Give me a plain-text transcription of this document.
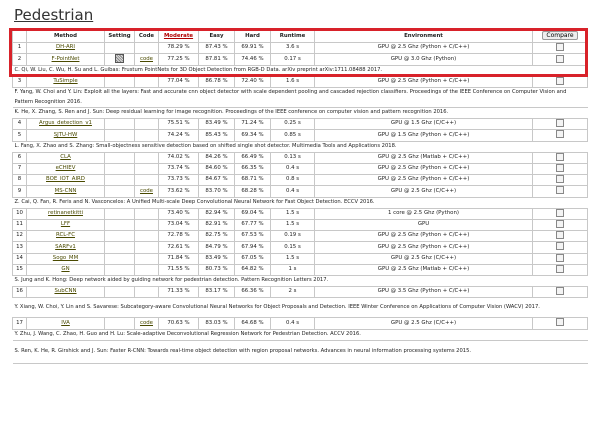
Pedestrian
	Method	Setting	Code	Moderate	Easy	Hard	Runtime	Environment	Compare
1	DH-ARI			78.29 %	87.43 %	69.91 %	3.6 s	GPU @ 2.5 Ghz (Python + C/C++)	
2	F-PointNet		code	77.25 %	87.81 %	74.46 %	0.17 s	GPU @ 3.0 Ghz (Python)	
C. Qi, W. Liu, C. Wu, H. Su and L. Guibas: Frustum PointNets for 3D Object Detection from RGB-D Data. arXiv preprint arXiv:1711.08488 2017.									
3	TuSimple			77.04 %	86.78 %	72.40 %	1.6 s	GPU @ 2.5 Ghz (Python + C/C++)	
F. Yang, W. Choi and Y. Lin: Exploit all the layers: Fast and accurate cnn object detector with scale dependent pooling and cascaded rejection classifiers. Proceedings of the IEEE Conference on Computer Vision and Pattern Recognition 2016.									
K. He, X. Zhang, S. Ren and J. Sun: Deep residual learning for image recognition. Proceedings of the IEEE conference on computer vision and pattern recognition 2016.									
4	Argus_detection_v1			75.51 %	83.49 %	71.24 %	0.25 s	GPU @ 1.5 Ghz (C/C++)	
5	SJTU-HW			74.24 %	85.43 %	69.34 %	0.85 s	GPU @ 1.5 Ghz (Python + C/C++)	
L. Fang, X. Zhao and S. Zhang: Small-objectness sensitive detection based on shifted single shot detector. Multimedia Tools and Applications 2018.									
6	CLA			74.02 %	84.26 %	66.49 %	0.13 s	GPU @ 2.5 Ghz (Matlab + C/C++)	
7	eCHIEV			73.74 %	84.60 %	66.35 %	0.4 s	GPU @ 2.5 Ghz (Python + C/C++)	
8	BOE_IOT_AIRD			73.73 %	84.67 %	68.71 %	0.8 s	GPU @ 2.5 Ghz (Python + C/C++)	
9	MS-CNN		code	73.62 %	83.70 %	68.28 %	0.4 s	GPU @ 2.5 Ghz (C/C++)	
Z. Cai, Q. Fan, R. Feris and N. Vasconcelos: A Unified Multi-scale Deep Convolutional Neural Network for Fast Object Detection. ECCV 2016.									
10	retinanetkitti			73.40 %	82.94 %	69.04 %	1.5 s	1 core @ 2.5 Ghz (Python)	
11	LFF			73.04 %	82.91 %	67.77 %	1.5 s	GPU	
12	RCL-FC			72.78 %	82.75 %	67.53 %	0.19 s	GPU @ 2.5 Ghz (Python + C/C++)	
13	SARFv1			72.61 %	84.79 %	67.94 %	0.15 s	GPU @ 2.5 Ghz (Python + C/C++)	
14	Sogo_MM			71.84 %	83.49 %	67.05 %	1.5 s	GPU @ 2.5 Ghz (C/C++)	
15	GN			71.55 %	80.73 %	64.82 %	1 s	GPU @ 2.5 Ghz (Matlab + C/C++)	
S. Jung and K. Hong: Deep network aided by guiding network for pedestrian detection. Pattern Recognition Letters 2017.									
16	SubCNN			71.33 %	83.17 %	66.36 %	2 s	GPU @ 3.5 Ghz (Python + C/C++)	
Y. Xiang, W. Choi, Y. Lin and S. Savarese: Subcategory-aware Convolutional Neural Networks for Object Proposals and Detection. IEEE Winter Conference on Applications of Computer Vision (WACV) 2017.									
17	IVA		code	70.63 %	83.03 %	64.68 %	0.4 s	GPU @ 2.5 Ghz (C/C++)	
Y. Zhu, J. Wang, C. Zhao, H. Guo and H. Lu: Scale-adaptive Deconvolutional Regression Network for Pedestrian Detection. ACCV 2016.									
S. Ren, K. He, R. Girshick and J. Sun: Faster R-CNN: Towards real-time object detection with region proposal networks. Advances in neural information processing systems 2015.									
